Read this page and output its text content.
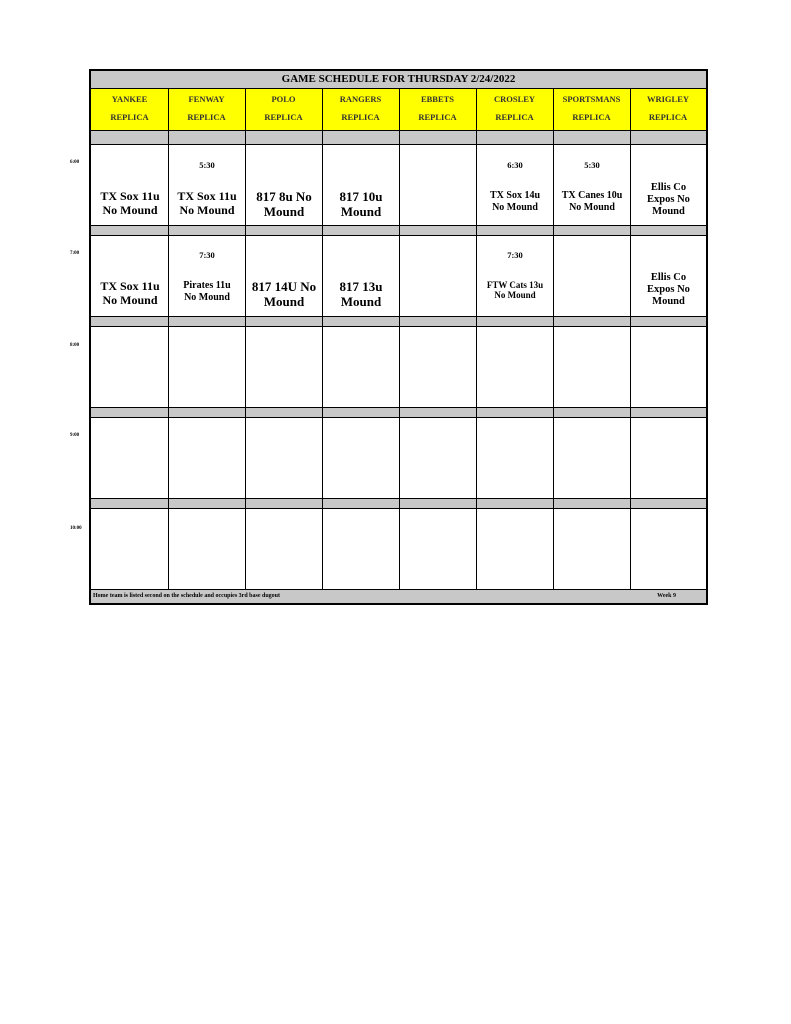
GAME SCHEDULE FOR THURSDAY 2/24/2022
YANKEE
REPLICA
FENWAY
REPLICA
POLO
REPLICA
RANGERS
REPLICA
EBBETS
REPLICA
CROSLEY
REPLICA
SPORTSMANS
REPLICA
WRIGLEY
REPLICA
TX Sox 11u
No Mound
5:30
TX Sox 11u
No Mound
817 8u No
Mound
817 10u
Mound
6:30
TX Sox 14u
No Mound
5:30
TX Canes 10u
No Mound
Ellis Co
Expos No
Mound
TX Sox 11u
No Mound
7:30
Pirates 11u
No Mound
817 14U No
Mound
817 13u
Mound
7:30
FTW Cats 13u
No Mound
Ellis Co
Expos No
Mound
Home team is listed second on the schedule and occupies 3rd base dugout	Week 9
6:00
7:00
8:00
9:00
10:00
